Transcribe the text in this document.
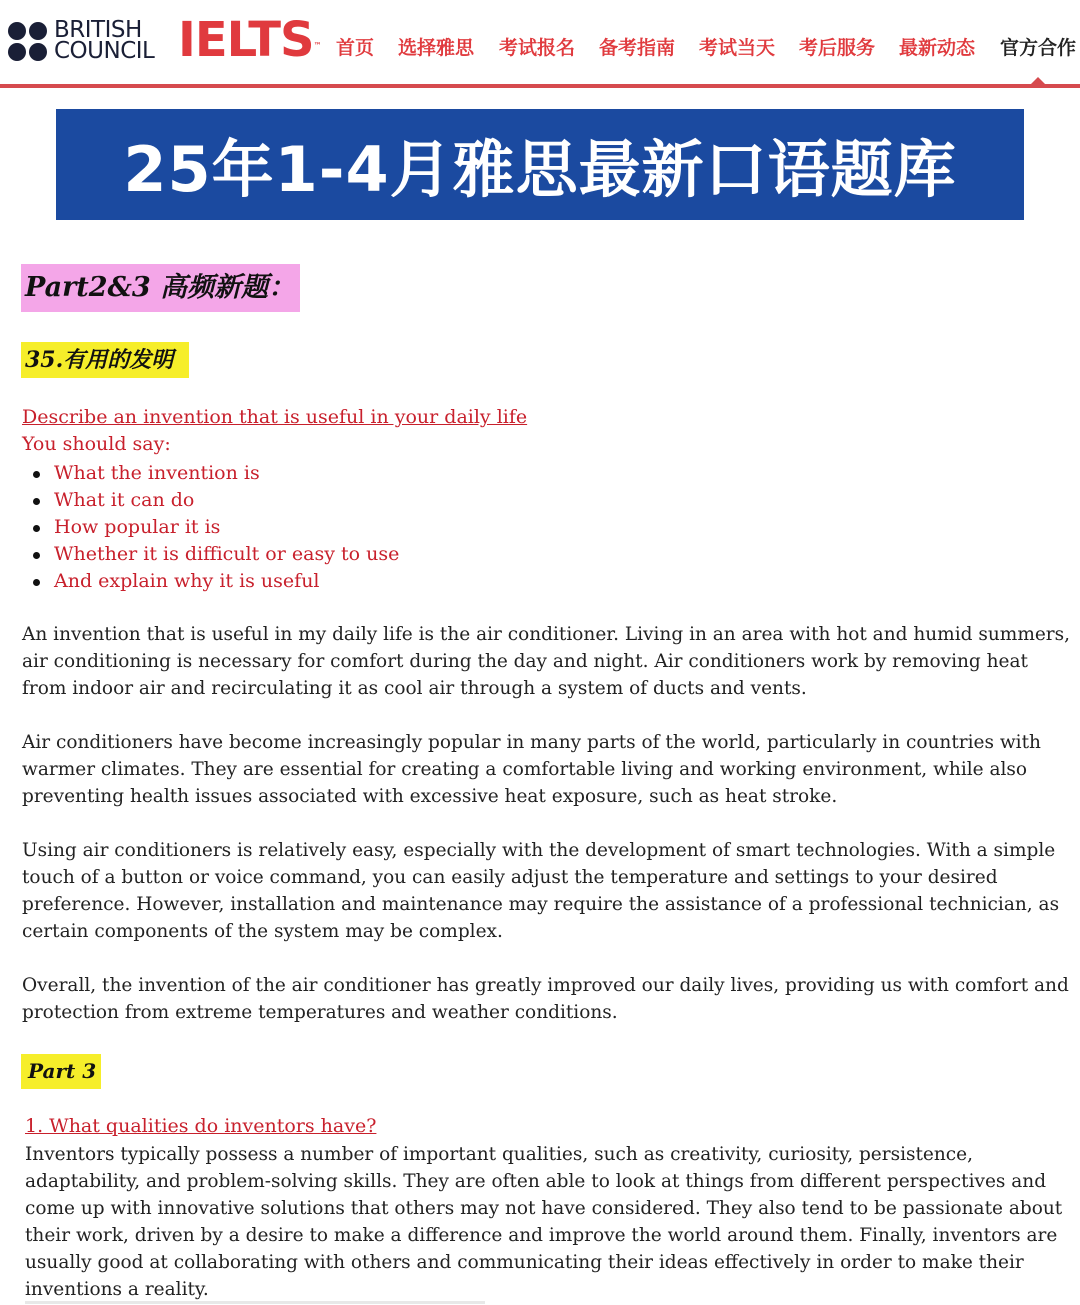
BRITISH
COUNCIL IELTS™ 首页 选择雅思 考试报名 备考指南 考试当天 考后服务 最新动态 官方合作
25年1-4月雅思最新口语题库
Part2&3 高频新题：
35.有用的发明
Describe an invention that is useful in your daily life
You should say:
What the invention is
What it can do
How popular it is
Whether it is difficult or easy to use
And explain why it is useful

An invention that is useful in my daily life is the air conditioner. Living in an area with hot and humid summers, air conditioning is necessary for comfort during the day and night. Air conditioners work by removing heat from indoor air and recirculating it as cool air through a system of ducts and vents.

Air conditioners have become increasingly popular in many parts of the world, particularly in countries with warmer climates. They are essential for creating a comfortable living and working environment, while also preventing health issues associated with excessive heat exposure, such as heat stroke.

Using air conditioners is relatively easy, especially with the development of smart technologies. With a simple touch of a button or voice command, you can easily adjust the temperature and settings to your desired preference. However, installation and maintenance may require the assistance of a professional technician, as certain components of the system may be complex.

Overall, the invention of the air conditioner has greatly improved our daily lives, providing us with comfort and protection from extreme temperatures and weather conditions.

Part 3
1. What qualities do inventors have?

Inventors typically possess a number of important qualities, such as creativity, curiosity, persistence, adaptability, and problem-solving skills. They are often able to look at things from different perspectives and come up with innovative solutions that others may not have considered. They also tend to be passionate about their work, driven by a desire to make a difference and improve the world around them. Finally, inventors are usually good at collaborating with others and communicating their ideas effectively in order to make their inventions a reality.
